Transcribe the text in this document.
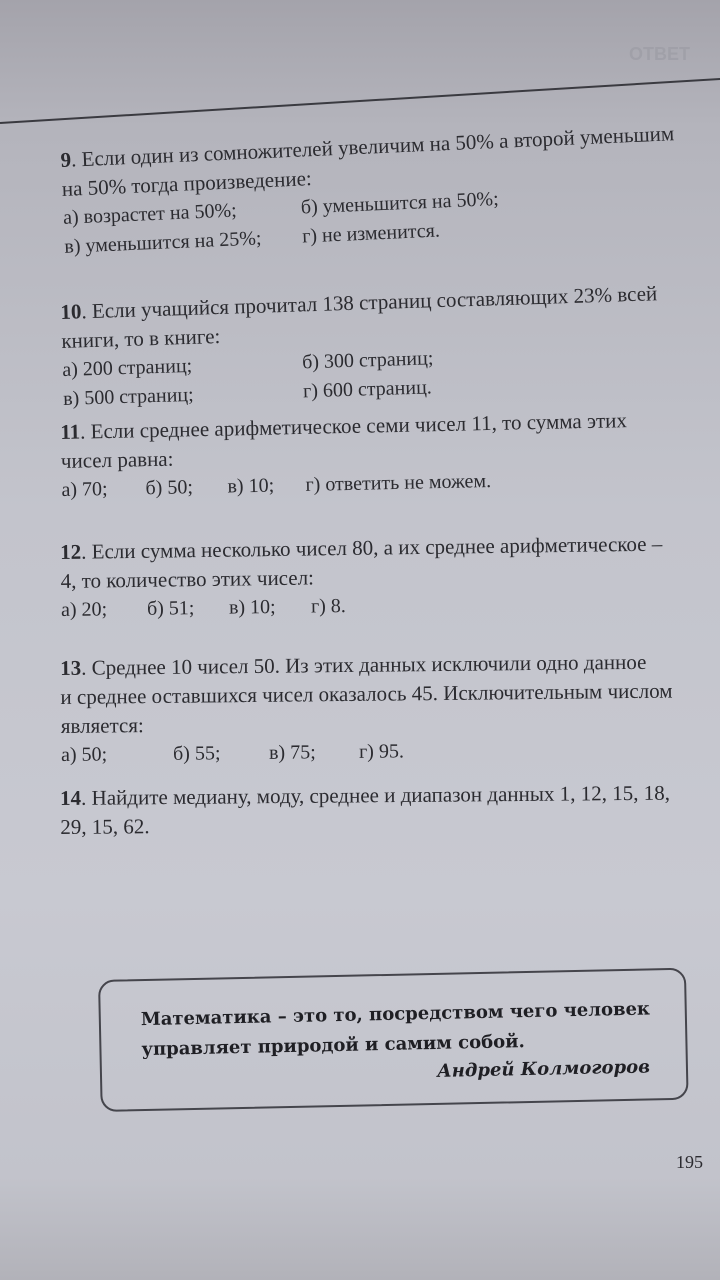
ОТВЕТ
9. Если один из сомножителей увеличим на 50% а второй уменьшим
на 50% тогда произведение:
а) возрастет на 50%;	б) уменьшится на 50%;
в) уменьшится на 25%; г) не изменится.
10. Если учащийся прочитал 138 страниц составляющих 23% всей
книги, то в книге:
а) 200 страниц;	б) 300 страниц;
в) 500 страниц;	г) 600 страниц.
11. Если среднее арифметическое семи чисел 11, то сумма этих
чисел равна:
а) 70; б) 50; в) 10; г) ответить не можем.
12. Если сумма несколько чисел 80, а их среднее арифметическое –
4, то количество этих чисел:
а) 20; б) 51; в) 10; г) 8.
13. Среднее 10 чисел 50. Из этих данных исключили одно данное
и среднее оставшихся чисел оказалось 45. Исключительным числом
является:
а) 50;	б) 55; в) 75; г) 95.
14. Найдите медиану, моду, среднее и диапазон данных 1, 12, 15, 18,
29, 15, 62.
Математика – это то, посредством чего человек
управляет природой и самим собой.
Андрей Колмогоров
195
